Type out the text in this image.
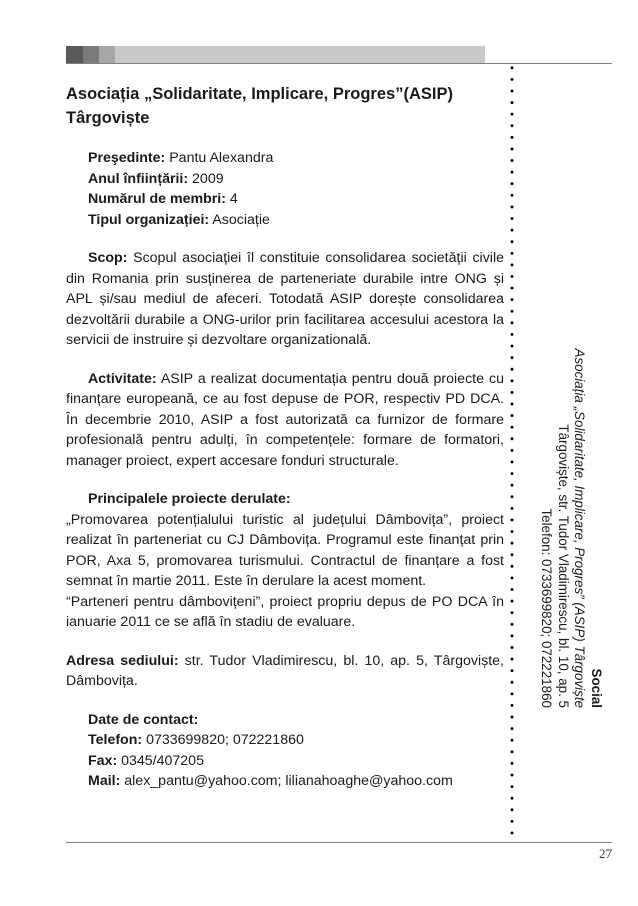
Asociația „Solidaritate, Implicare, Progres”(ASIP) Târgoviște
Preşedinte: Pantu Alexandra
Anul înființării: 2009
Numărul de membri: 4
Tipul organizației: Asociație

Scop: Scopul asociației îl constituie consolidarea societății civile din Romania prin susținerea de parteneriate durabile intre ONG și APL și/sau mediul de afeceri. Totodată ASIP dorește consolidarea dezvoltării durabile a ONG-urilor prin facilitarea accesului acestora la servicii de instruire și dezvoltare organizatională.

Activitate: ASIP a realizat documentația pentru două proiecte cu finanțare europeană, ce au fost depuse de POR, respectiv PD DCA. În decembrie 2010, ASIP a fost autorizată ca furnizor de formare profesională pentru adulți, în competențele: formare de formatori, manager proiect, expert accesare fonduri structurale.

Principalele proiecte derulate:

„Promovarea potențialului turistic al județului Dâmbovița”, proiect realizat în parteneriat cu CJ Dâmbovița. Programul este finanțat prin POR, Axa 5, promovarea turismului. Contractul de finanțare a fost semnat în martie 2011. Este în derulare la acest moment.

“Parteneri pentru dâmbovițeni”, proiect propriu depus de PO DCA în ianuarie 2011 ce se află în stadiu de evaluare.

Adresa sediului: str. Tudor Vladimirescu, bl. 10, ap. 5, Târgoviște, Dâmbovița.

Date de contact:
Telefon: 0733699820; 072221860
Fax: 0345/407205
Mail: alex_pantu@yahoo.com; lilianahoaghe@yahoo.com
Social
Asociația „Solidaritate, Implicare, Progres” (ASIP) Târgoviște
Târgoviște, str. Tudor Vladimirescu, bl. 10, ap. 5
Telefon: 0733699820; 072221860
27
